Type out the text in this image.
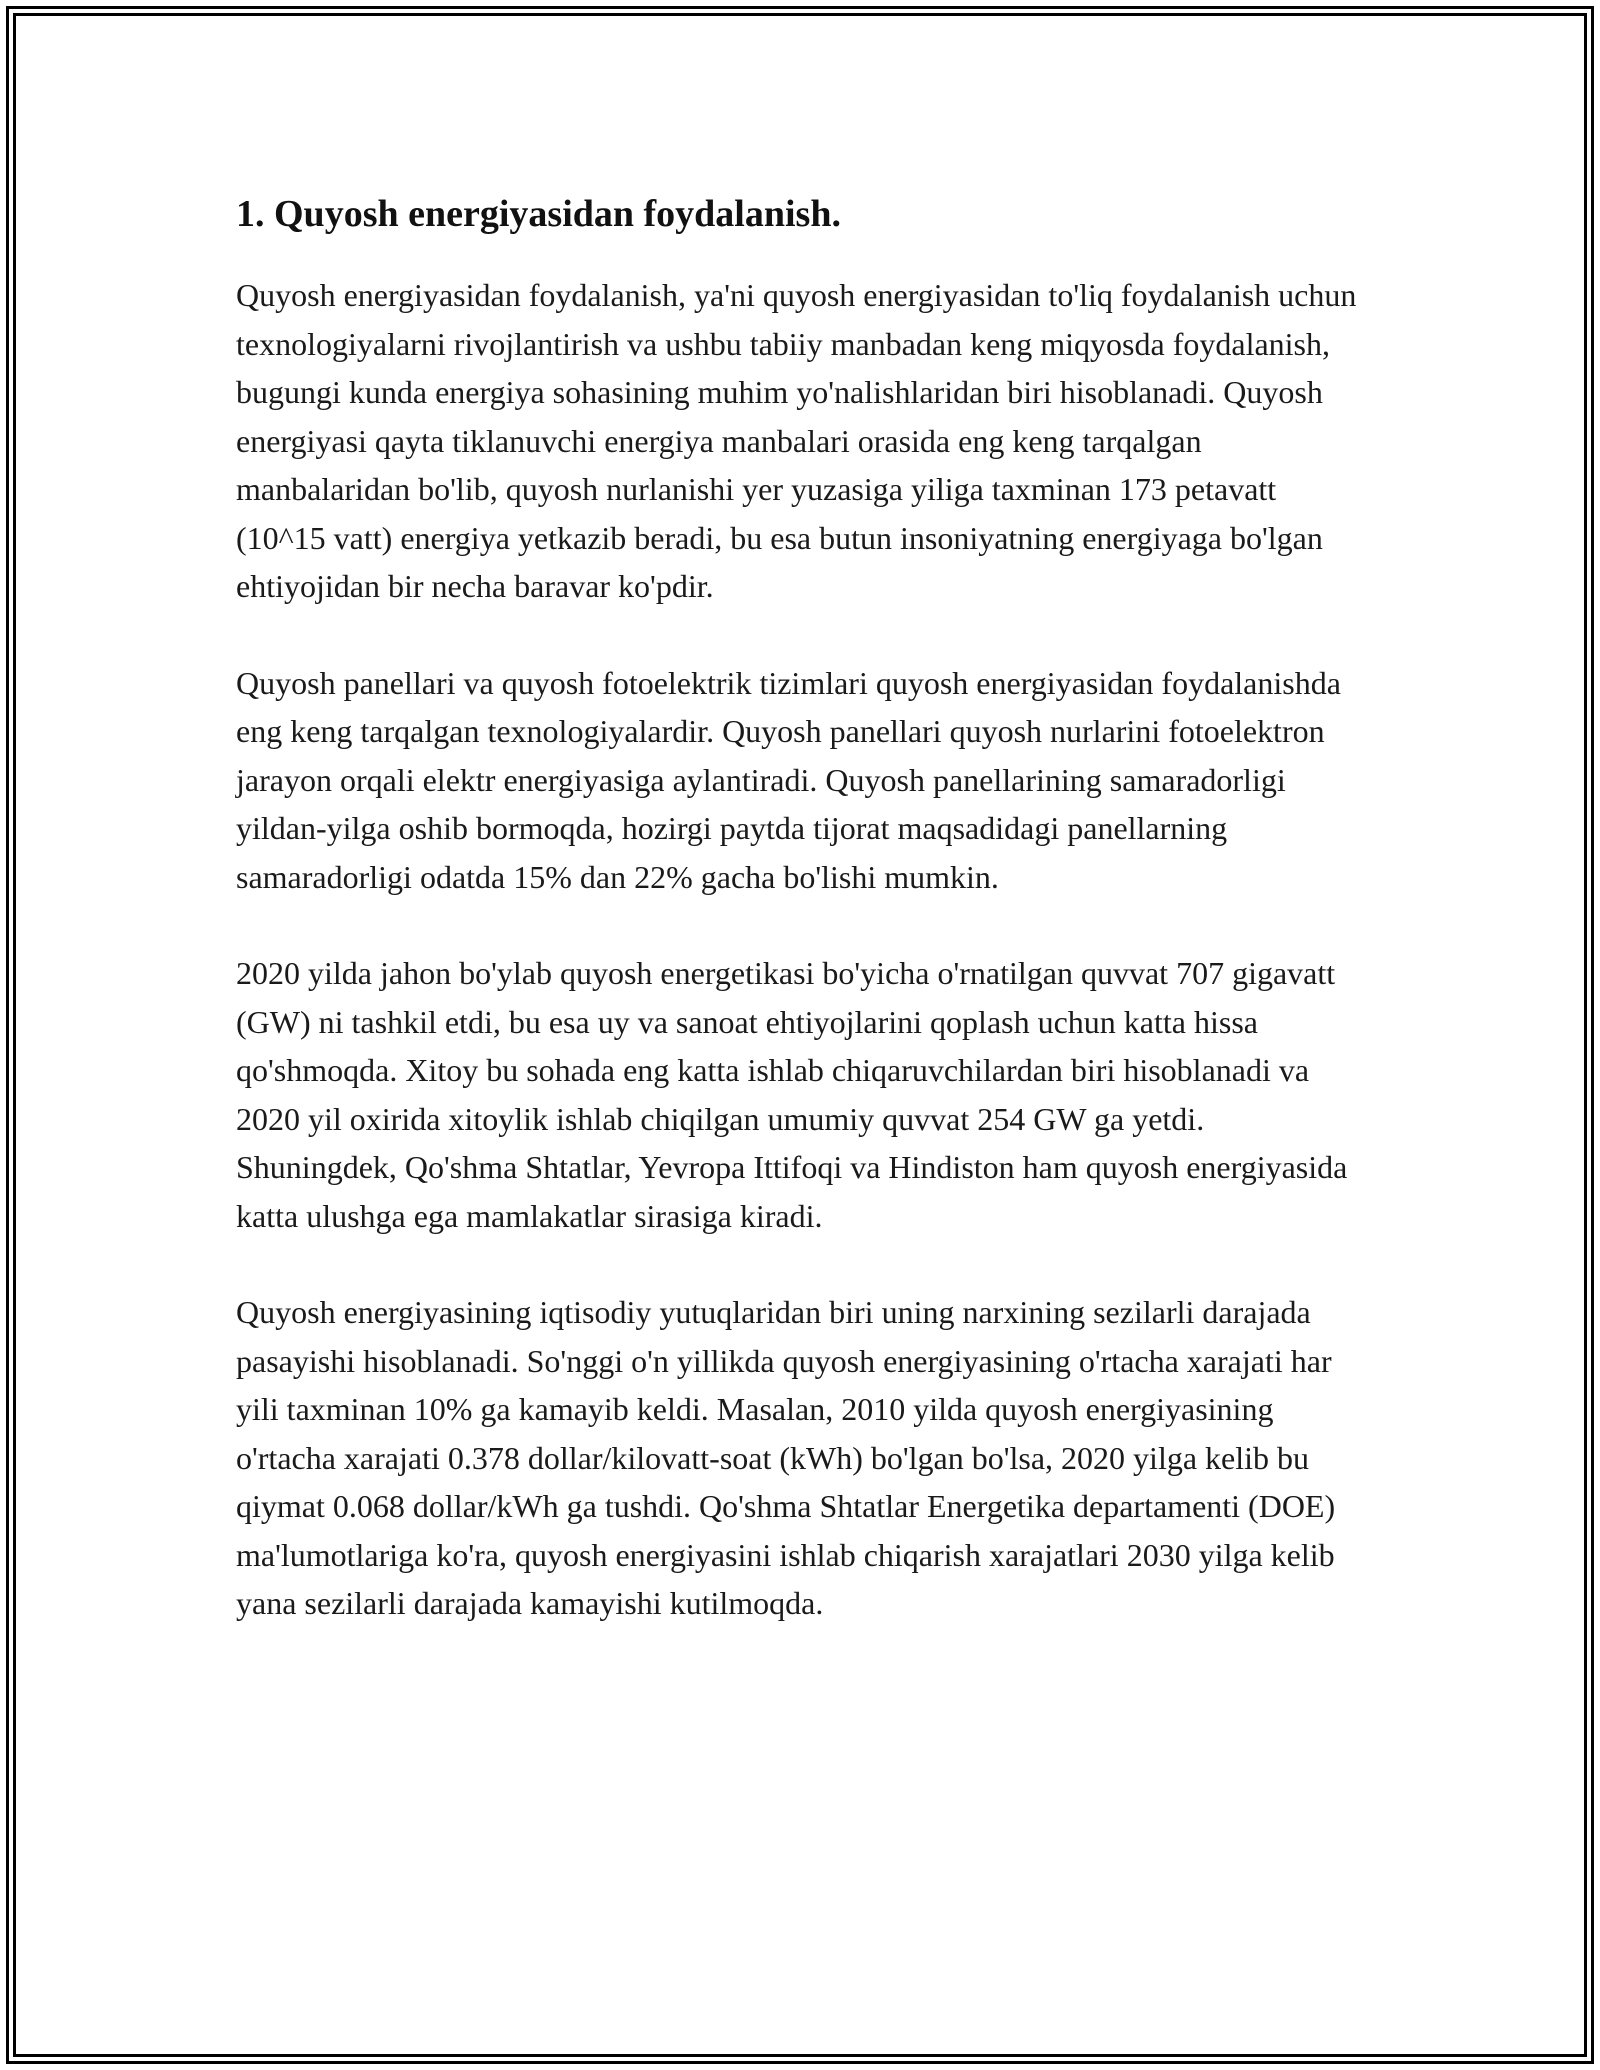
1. Quyosh energiyasidan foydalanish.

Quyosh energiyasidan foydalanish, ya'ni quyosh energiyasidan to'liq foydalanish uchun texnologiyalarni rivojlantirish va ushbu tabiiy manbadan keng miqyosda foydalanish, bugungi kunda energiya sohasining muhim yo'nalishlaridan biri hisoblanadi. Quyosh energiyasi qayta tiklanuvchi energiya manbalari orasida eng keng tarqalgan manbalaridan bo'lib, quyosh nurlanishi yer yuzasiga yiliga taxminan 173 petavatt (10^15 vatt) energiya yetkazib beradi, bu esa butun insoniyatning energiyaga bo'lgan ehtiyojidan bir necha baravar ko'pdir.

Quyosh panellari va quyosh fotoelektrik tizimlari quyosh energiyasidan foydalanishda eng keng tarqalgan texnologiyalardir. Quyosh panellari quyosh nurlarini fotoelektron jarayon orqali elektr energiyasiga aylantiradi. Quyosh panellarining samaradorligi yildan-yilga oshib bormoqda, hozirgi paytda tijorat maqsadidagi panellarning samaradorligi odatda 15% dan 22% gacha bo'lishi mumkin.

2020 yilda jahon bo'ylab quyosh energetikasi bo'yicha o'rnatilgan quvvat 707 gigavatt (GW) ni tashkil etdi, bu esa uy va sanoat ehtiyojlarini qoplash uchun katta hissa qo'shmoqda. Xitoy bu sohada eng katta ishlab chiqaruvchilardan biri hisoblanadi va 2020 yil oxirida xitoylik ishlab chiqilgan umumiy quvvat 254 GW ga yetdi. Shuningdek, Qo'shma Shtatlar, Yevropa Ittifoqi va Hindiston ham quyosh energiyasida katta ulushga ega mamlakatlar sirasiga kiradi.

Quyosh energiyasining iqtisodiy yutuqlaridan biri uning narxining sezilarli darajada pasayishi hisoblanadi. So'nggi o'n yillikda quyosh energiyasining o'rtacha xarajati har yili taxminan 10% ga kamayib keldi. Masalan, 2010 yilda quyosh energiyasining o'rtacha xarajati 0.378 dollar/kilovatt-soat (kWh) bo'lgan bo'lsa, 2020 yilga kelib bu qiymat 0.068 dollar/kWh ga tushdi. Qo'shma Shtatlar Energetika departamenti (DOE) ma'lumotlariga ko'ra, quyosh energiyasini ishlab chiqarish xarajatlari 2030 yilga kelib yana sezilarli darajada kamayishi kutilmoqda.
